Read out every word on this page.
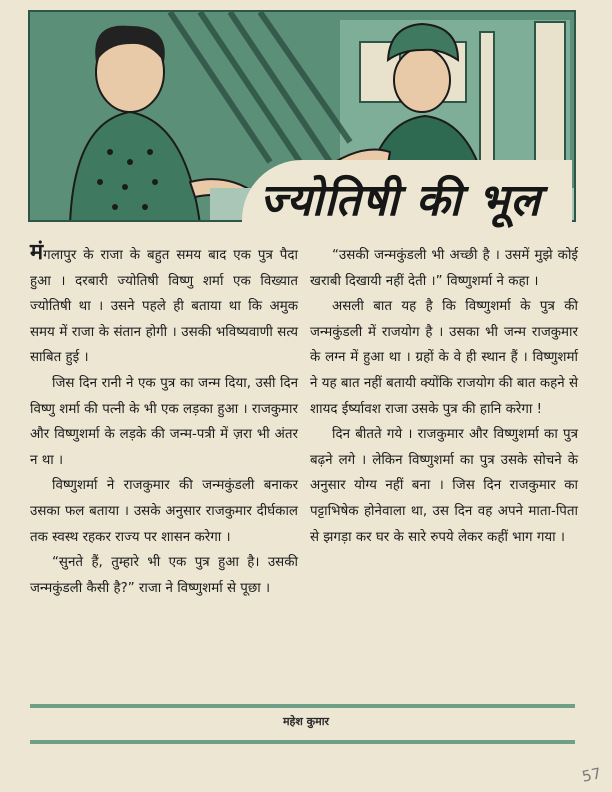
ज्योतिषी की भूल

मंगलापुर के राजा के बहुत समय बाद एक पुत्र पैदा हुआ । दरबारी ज्योतिषी विष्णु शर्मा एक विख्यात ज्योतिषी था । उसने पहले ही बताया था कि अमुक समय में राजा के संतान होगी । उसकी भविष्यवाणी सत्य साबित हुई ।

जिस दिन रानी ने एक पुत्र का जन्म दिया, उसी दिन विष्णु शर्मा की पत्नी के भी एक लड़का हुआ । राजकुमार और विष्णुशर्मा के लड़के की जन्म-पत्री में ज़रा भी अंतर न था ।

विष्णुशर्मा ने राजकुमार की जन्मकुंडली बनाकर उसका फल बताया । उसके अनुसार राजकुमार दीर्घकाल तक स्वस्थ रहकर राज्य पर शासन करेगा ।

“सुनते हैं, तुम्हारे भी एक पुत्र हुआ है। उसकी जन्मकुंडली कैसी है?” राजा ने विष्णुशर्मा से पूछा ।

“उसकी जन्मकुंडली भी अच्छी है । उसमें मुझे कोई खराबी दिखायी नहीं देती ।” विष्णुशर्मा ने कहा ।

असली बात यह है कि विष्णुशर्मा के पुत्र की जन्मकुंडली में राजयोग है । उसका भी जन्म राजकुमार के लग्न में हुआ था । ग्रहों के वे ही स्थान हैं । विष्णुशर्मा ने यह बात नहीं बतायी क्योंकि राजयोग की बात कहने से शायद ईर्ष्यावश राजा उसके पुत्र की हानि करेगा !

दिन बीतते गये । राजकुमार और विष्णुशर्मा का पुत्र बढ़ने लगे । लेकिन विष्णुशर्मा का पुत्र उसके सोचने के अनुसार योग्य नहीं बना । जिस दिन राजकुमार का पट्टाभिषेक होनेवाला था, उस दिन वह अपने माता-पिता से झगड़ा कर घर के सारे रुपये लेकर कहीं भाग गया ।

महेश कुमार
57
